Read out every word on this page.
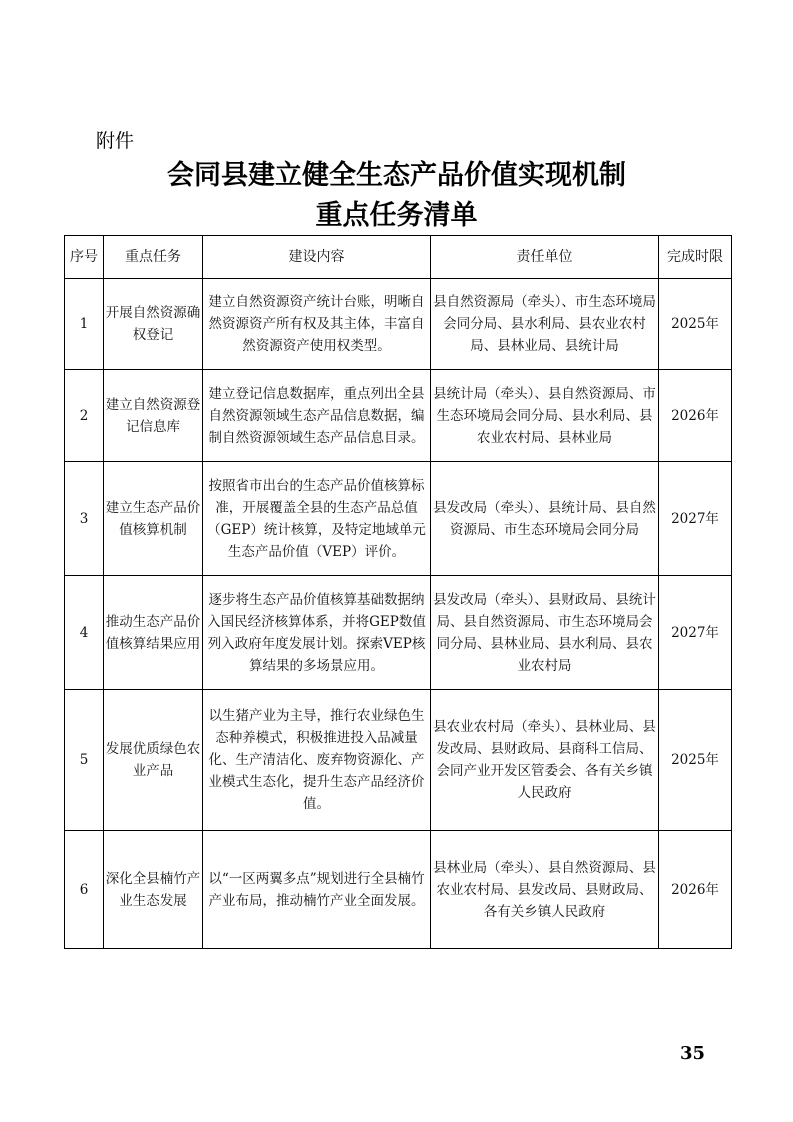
附件
会同县建立健全生态产品价值实现机制
重点任务清单
序号	重点任务	建设内容	责任单位	完成时限
1	开展自然资源确权登记	建立自然资源资产统计台账，明晰自然资源资产所有权及其主体，丰富自然资源资产使用权类型。	县自然资源局（牵头）、市生态环境局会同分局、县水利局、县农业农村局、县林业局、县统计局	2025年
2	建立自然资源登记信息库	建立登记信息数据库，重点列出全县自然资源领域生态产品信息数据，编制自然资源领域生态产品信息目录。	县统计局（牵头）、县自然资源局、市生态环境局会同分局、县水利局、县农业农村局、县林业局	2026年
3	建立生态产品价值核算机制	按照省市出台的生态产品价值核算标准，开展覆盖全县的生态产品总值（GEP）统计核算，及特定地域单元生态产品价值（VEP）评价。	县发改局（牵头）、县统计局、县自然资源局、市生态环境局会同分局	2027年
4	推动生态产品价值核算结果应用	逐步将生态产品价值核算基础数据纳入国民经济核算体系，并将GEP数值列入政府年度发展计划。探索VEP核算结果的多场景应用。	县发改局（牵头）、县财政局、县统计局、县自然资源局、市生态环境局会同分局、县林业局、县水利局、县农业农村局	2027年
5	发展优质绿色农业产品	以生猪产业为主导，推行农业绿色生态种养模式，积极推进投入品减量化、生产清洁化、废弃物资源化、产业模式生态化，提升生态产品经济价值。	县农业农村局（牵头）、县林业局、县发改局、县财政局、县商科工信局、会同产业开发区管委会、各有关乡镇人民政府	2025年
6	深化全县楠竹产业生态发展	以“一区两翼多点”规划进行全县楠竹产业布局，推动楠竹产业全面发展。	县林业局（牵头）、县自然资源局、县农业农村局、县发改局、县财政局、各有关乡镇人民政府	2026年
35
